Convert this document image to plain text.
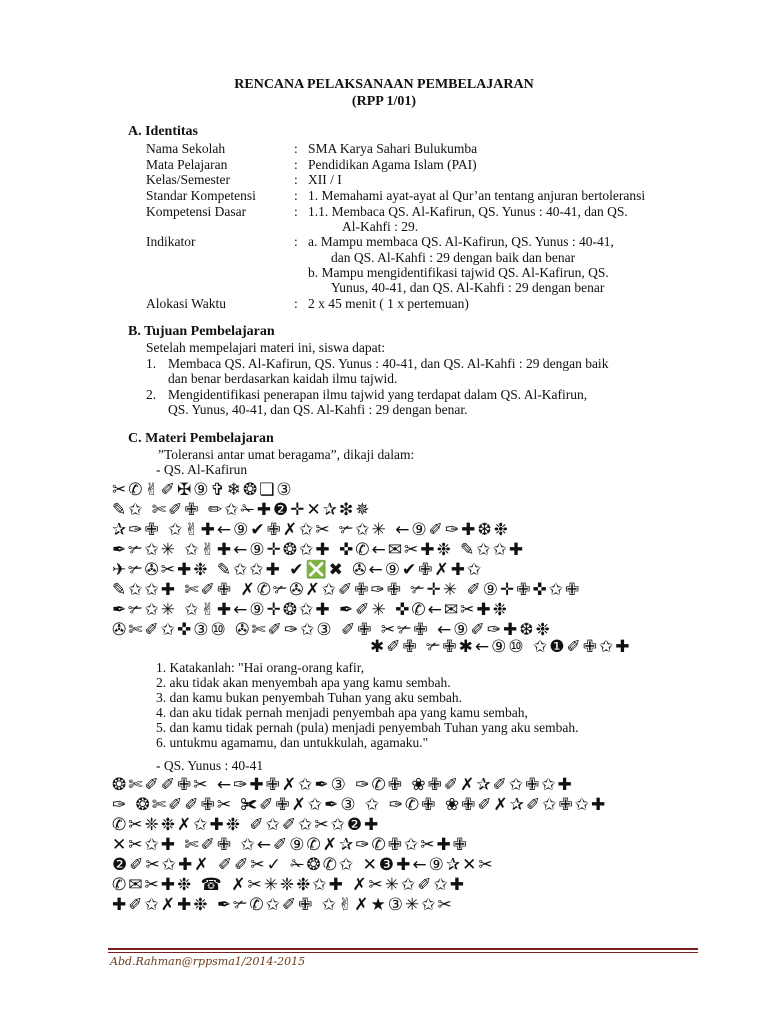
RENCANA PELAKSANAAN PEMBELAJARAN
(RPP 1/01)
A. Identitas
Nama Sekolah	: SMA Karya Sahari Bulukumba
Mata Pelajaran	: Pendidikan Agama Islam (PAI)
Kelas/Semester	: XII / I
Standar Kompetensi	: 1. Memahami ayat-ayat al Qur’an tentang anjuran bertoleransi
Kompetensi Dasar	: 1.1. Membaca QS. Al-Kafirun, QS. Yunus : 40-41, dan QS.
Al-Kahfi : 29.
Indikator	: a. Mampu membaca QS. Al-Kafirun, QS. Yunus : 40-41,
dan QS. Al-Kahfi : 29 dengan baik dan benar
b. Mampu mengidentifikasi tajwid QS. Al-Kafirun, QS.
Yunus, 40-41, dan QS. Al-Kahfi : 29 dengan benar
Alokasi Waktu	: 2 x 45 menit ( 1 x pertemuan)
B. Tujuan Pembelajaran
Setelah mempelajari materi ini, siswa dapat:
1. Membaca QS. Al-Kafirun, QS. Yunus : 40-41, dan QS. Al-Kahfi : 29 dengan baik
dan benar berdasarkan kaidah ilmu tajwid.
2. Mengidentifikasi penerapan ilmu tajwid yang terdapat dalam QS. Al-Kafirun,
QS. Yunus, 40-41, dan QS. Al-Kahfi : 29 dengan benar.
C. Materi Pembelajaran
”Toleransi antar umat beragama”, dikaji dalam:
- QS. Al-Kafirun
✂✆✌✐✠⑨✞❄❂❏③
✎✩ ✄✐✙ ✏✩✁✚❷✛✕✰❇✵
✰✑✙ ✩✌✚←⑨✔✙✗✩✂ ✃✩✳ ←⑨✐✑✚❆❉
✒✃✩✳ ✩✌✚←⑨✛❂✩✚ ✜✆←✉✂✚❉ ✎✩✩✚
✈✃✇✂✚❉ ✎✩✩✚ ✔❎✖ ✇←⑨✔✙✗✚✩
✎✩✩✚ ✄✐✙ ✗✆✃✇✗✩✐✙✑✙ ✃✛✳ ✐⑨✛✙✜✩✙
✒✃✩✳ ✩✌✚←⑨✛❂✩✚ ✒✐✳ ✜✆←✉✂✚❉
✇✄✐✩✜③⑩ ✇✄✐✑✩③ ✐✙ ✂✃✙ ←⑨✐✑✚❆❉
✱✐✙ ✃✙✱←⑨⑩ ✩❶✐✙✩✚
1. Katakanlah: "Hai orang-orang kafir,
2. aku tidak akan menyembah apa yang kamu sembah.
3. dan kamu bukan penyembah Tuhan yang aku sembah.
4. dan aku tidak pernah menjadi penyembah apa yang kamu sembah,
5. dan kamu tidak pernah (pula) menjadi penyembah Tuhan yang aku sembah.
6. untukmu agamamu, dan untukkulah, agamaku."
- QS. Yunus : 40-41
❂✄✐✐✙✂ ←✑✚✙✗✩✒③ ✑✆✙ ❀✙✐✗✰✐✩✙✩✚
✑ ❂✄✐✐✙✂ ✀✐✙✗✩✒③ ✩ ✑✆✙ ❀✙✐✗✰✐✩✙✩✚
✆✂❈❉✗✩✚❉ ✐✩✐✩✂✩❷✚
✕✂✩✚ ✄✐✙ ✩←✐⑨✆✗✰✑✆✙✩✂✚✙
❷✐✂✩✚✗ ✐✐✂✓ ✁❂✆✩ ✕❸✚←⑨✰✕✂
✆✉✂✚❉ ☎ ✗✂✳❈❉✩✚ ✗✂✳✩✐✩✚
✚✐✩✗✚❉ ✒✃✆✩✐✙ ✩✌✗★③✳✩✂
Abd.Rahman@rppsma1/2014-2015
